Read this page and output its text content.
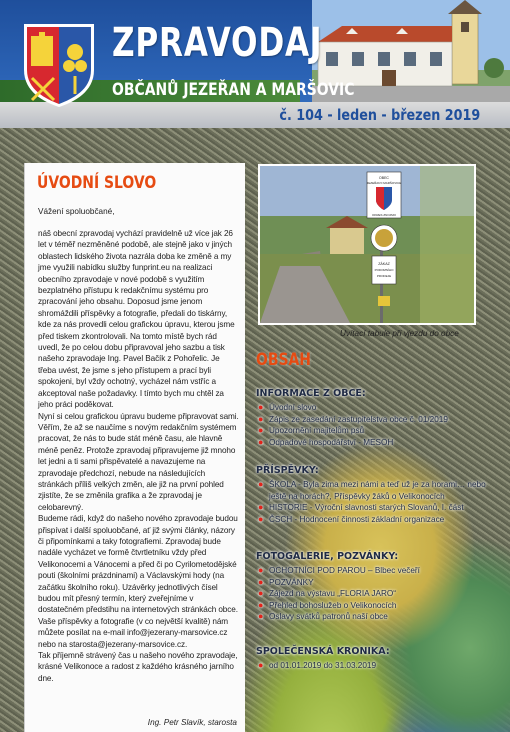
ZPRAVODAJ
OBČANŮ JEZEŘAN A MARŠOVIC
č. 104 - leden - březen 2019
ÚVODNÍ SLOVO
Vážení spoluobčané,

náš obecní zpravodaj vychází pravidelně už více jak 26 let v téměř nezměněné podobě, ale stejně jako v jiných oblastech lidského života nazrála doba ke změně a my jme využili nabídku služby funprint.eu na realizaci obecního zpravodaje v nové podobě s využitím bezplatného přístupu k redakčnímu systému pro zpracování jeho obsahu. Doposud jsme jenom shromáždili příspěvky a fotografie, předali do tiskárny, kde za nás provedli celou grafickou úpravu, kterou jsme před tiskem zkontrolovali. Na tomto místě bych rád uvedl, že po celou dobu připravoval jeho sazbu a tisk našeho zpravodaje Ing. Pavel Bačík z Pohořelic. Je třeba uvést, že jsme s jeho přístupem a prací byli spokojeni, byl vždy ochotný, vycházel nám vstříc a akceptoval naše požadavky. I tímto bych mu chtěl za jeho práci poděkovat.

Nyní si celou grafickou úpravu budeme připravovat sami. Věřím, že až se naučíme s novým redakčním systémem pracovat, že nás to bude stát méně času, ale hlavně méně peněz. Protože zpravodaj připravujeme již mnoho let jedni a ti sami přispěvatelé a navazujeme na zpravodaje předchozí, nebude na následujících stránkách příliš velkých změn, ale již na první pohled zjistíte, že se změnila grafika a že zpravodaj je celobarevný.

Budeme rádi, když do našeho nového zpravodaje budou přispívat i další spoluobčané, ať již svými články, názory či připomínkami a taky fotografiemi. Zpravodaj bude nadále vycházet ve formě čtvrtletníku vždy před Velikonocemi a Vánocemi a před či po Cyrilometodějské pouti (školními prázdninami) a Václavskými hody (na začátku školního roku). Uzávěrky jednotlivých čísel budou mít přesný termín, který zveřejníme v dostatečném předstihu na internetových stránkách obce. Vaše příspěvky a fotografie (v co největší kvalitě) nám můžete posílat na e-mail info@jezerany-marsovice.cz nebo na starosta@jezerany-marsovice.cz.

Tak příjemně strávený čas u našeho nového zpravodaje, krásné Velikonoce a radost z každého krásného jarního dne.

Ing. Petr Slavík, starosta
OBEC
JEZEŘANY-MARŠOVICE
OKRES ZNOJMO
ZÁKAZ
PODOMNÍHO
PRODEJE
Uvítací tabule při vjezdu do obce
OBSAH
INFORMACE Z OBCE:
● Úvodní slovo
● Zápis ze zasedání zastupitelstva obce č. 01/2019
● Upozornění majitelům psů
● Odpadové hospodářství - MESOH
PŘÍSPĚVKY:
● ŠKOLA - Byla zima mezi námi a teď už je za horami… nebo ještě na horách?, Příspěvky žáků o Velikonocích
● HISTORIE - Výroční slavnosti starých Slovanů, I. část
● ČSCH - Hodnocení činnosti základní organizace
FOTOGALERIE, POZVÁNKY:
● OCHOTNÍCI POD PAROU – Blbec večeří
● POZVÁNKY
● Zájezd na výstavu „FLORIA JARO“
● Přehled bohoslužeb o Velikonocích
● Oslavy svátků patronů naší obce
SPOLEČENSKÁ KRONIKA:
● od 01.01.2019 do 31.03.2019
